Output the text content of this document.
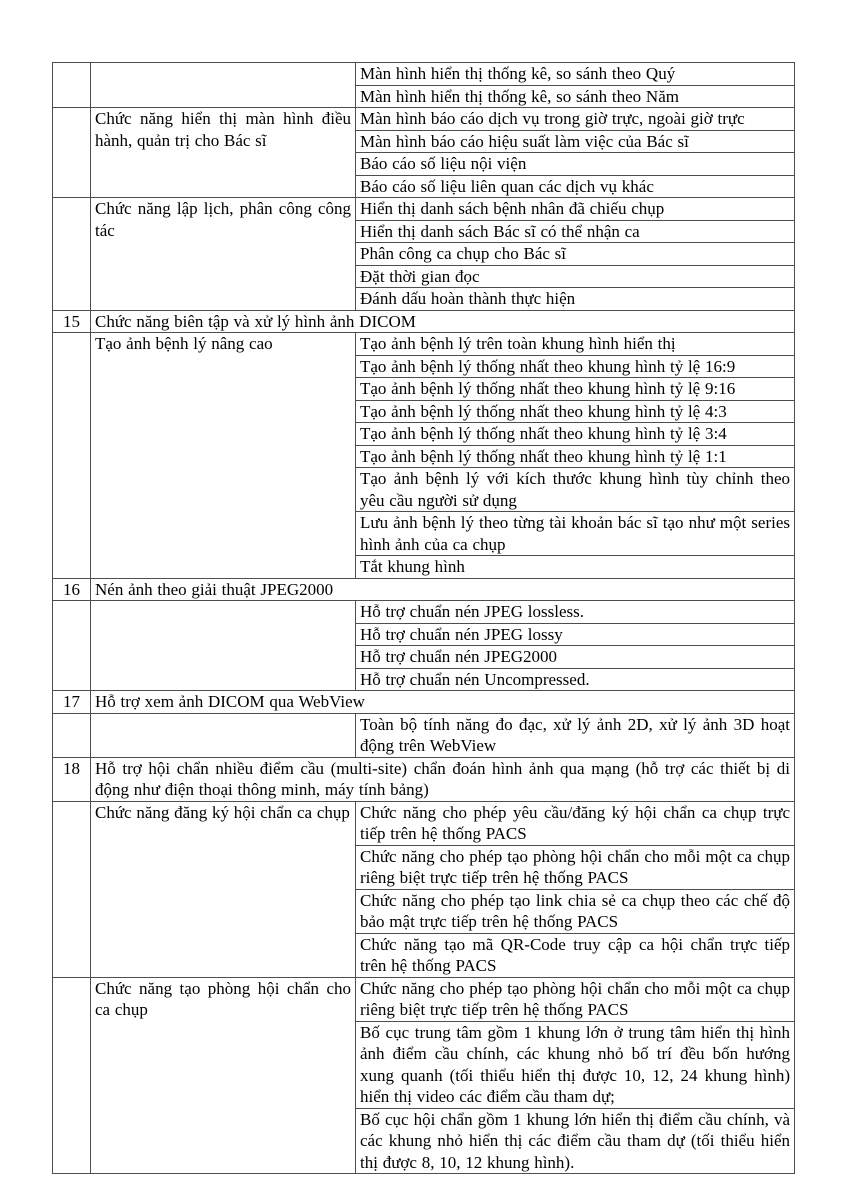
		Màn hình hiển thị thống kê, so sánh theo Quý
		Màn hình hiển thị thống kê, so sánh theo Năm
	Chức năng hiển thị màn hình điều hành, quản trị cho Bác sĩ	Màn hình báo cáo dịch vụ trong giờ trực, ngoài giờ trực
		Màn hình báo cáo hiệu suất làm việc của Bác sĩ
		Báo cáo số liệu nội viện
		Báo cáo số liệu liên quan các dịch vụ khác
	Chức năng lập lịch, phân công công tác	Hiển thị danh sách bệnh nhân đã chiếu chụp
		Hiển thị danh sách Bác sĩ có thể nhận ca
		Phân công ca chụp cho Bác sĩ
		Đặt thời gian đọc
		Đánh dấu hoàn thành thực hiện
15	Chức năng biên tập và xử lý hình ảnh DICOM	
	Tạo ảnh bệnh lý nâng cao	Tạo ảnh bệnh lý trên toàn khung hình hiển thị
		Tạo ảnh bệnh lý thống nhất theo khung hình tỷ lệ 16:9
		Tạo ảnh bệnh lý thống nhất theo khung hình tỷ lệ 9:16
		Tạo ảnh bệnh lý thống nhất theo khung hình tỷ lệ 4:3
		Tạo ảnh bệnh lý thống nhất theo khung hình tỷ lệ 3:4
		Tạo ảnh bệnh lý thống nhất theo khung hình tỷ lệ 1:1
		Tạo ảnh bệnh lý với kích thước khung hình tùy chỉnh theo yêu cầu người sử dụng
		Lưu ảnh bệnh lý theo từng tài khoản bác sĩ tạo như một series hình ảnh của ca chụp
		Tắt khung hình
16	Nén ảnh theo giải thuật JPEG2000	
		Hỗ trợ chuẩn nén JPEG lossless.
		Hỗ trợ chuẩn nén JPEG lossy
		Hỗ trợ chuẩn nén JPEG2000
		Hỗ trợ chuẩn nén Uncompressed.
17	Hỗ trợ xem ảnh DICOM qua WebView	
		Toàn bộ tính năng đo đạc, xử lý ảnh 2D, xử lý ảnh 3D hoạt động trên WebView
18	Hỗ trợ hội chẩn nhiều điểm cầu (multi-site) chẩn đoán hình ảnh qua mạng (hỗ trợ các thiết bị di động như điện thoại thông minh, máy tính bảng)	
	Chức năng đăng ký hội chẩn ca chụp	Chức năng cho phép yêu cầu/đăng ký hội chẩn ca chụp trực tiếp trên hệ thống PACS
		Chức năng cho phép tạo phòng hội chẩn cho mỗi một ca chụp riêng biệt trực tiếp trên hệ thống PACS
		Chức năng cho phép tạo link chia sẻ ca chụp theo các chế độ bảo mật trực tiếp trên hệ thống PACS
		Chức năng tạo mã QR-Code truy cập ca hội chẩn trực tiếp trên hệ thống PACS
	Chức năng tạo phòng hội chẩn cho ca chụp	Chức năng cho phép tạo phòng hội chẩn cho mỗi một ca chụp riêng biệt trực tiếp trên hệ thống PACS
		Bố cục trung tâm gồm 1 khung lớn ở trung tâm hiển thị hình ảnh điểm cầu chính, các khung nhỏ bố trí đều bốn hướng xung quanh (tối thiểu hiển thị được 10, 12, 24 khung hình) hiển thị video các điểm cầu tham dự;
		Bố cục hội chẩn gồm 1 khung lớn hiển thị điểm cầu chính, và các khung nhỏ hiển thị các điểm cầu tham dự (tối thiểu hiển thị được 8, 10, 12 khung hình).
